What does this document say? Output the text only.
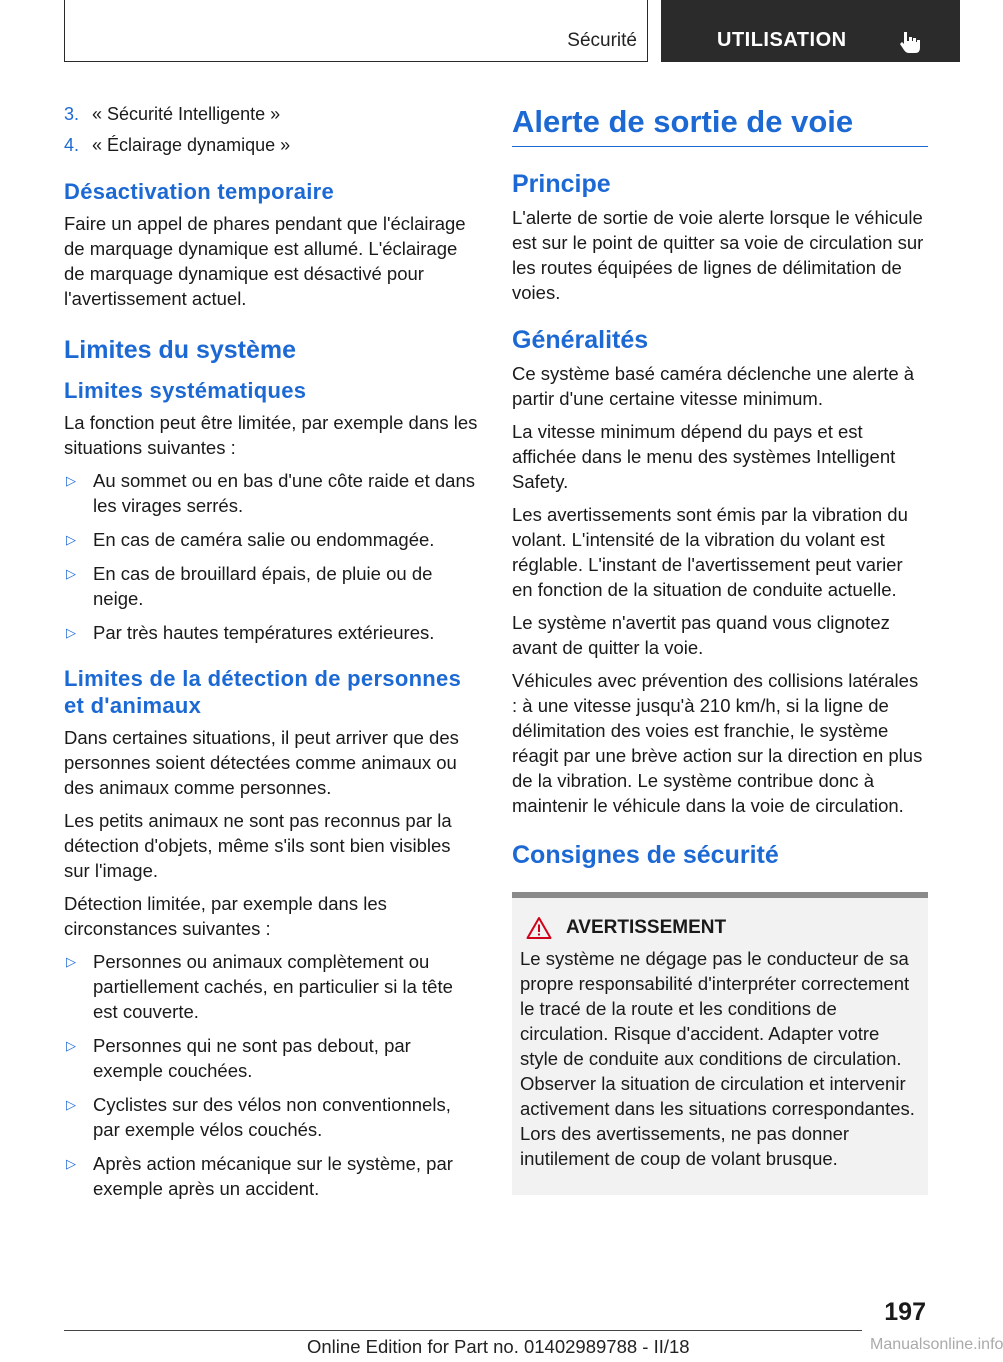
Sécurité	UTILISATION
3. « Sécurité Intelligente »
4. « Éclairage dynamique »
Désactivation temporaire

Faire un appel de phares pendant que l'éclairage de marquage dynamique est allumé. L'éclairage de marquage dynamique est désactivé pour l'avertissement actuel.

Limites du système
Limites systématiques

La fonction peut être limitée, par exemple dans les situations suivantes :

▷ Au sommet ou en bas d'une côte raide et dans les virages serrés.
▷ En cas de caméra salie ou endommagée.
▷ En cas de brouillard épais, de pluie ou de neige.
▷ Par très hautes températures extérieures.
Limites de la détection de personnes et d'animaux

Dans certaines situations, il peut arriver que des personnes soient détectées comme animaux ou des animaux comme personnes.

Les petits animaux ne sont pas reconnus par la détection d'objets, même s'ils sont bien visibles sur l'image.

Détection limitée, par exemple dans les circonstances suivantes :

▷ Personnes ou animaux complètement ou partiellement cachés, en particulier si la tête est couverte.
▷ Personnes qui ne sont pas debout, par exemple couchées.
▷ Cyclistes sur des vélos non conventionnels, par exemple vélos couchés.
▷ Après action mécanique sur le système, par exemple après un accident.
Alerte de sortie de voie
Principe

L'alerte de sortie de voie alerte lorsque le véhicule est sur le point de quitter sa voie de circulation sur les routes équipées de lignes de délimitation de voies.

Généralités

Ce système basé caméra déclenche une alerte à partir d'une certaine vitesse minimum.

La vitesse minimum dépend du pays et est affichée dans le menu des systèmes Intelligent Safety.

Les avertissements sont émis par la vibration du volant. L'intensité de la vibration du volant est réglable. L'instant de l'avertissement peut varier en fonction de la situation de conduite actuelle.

Le système n'avertit pas quand vous clignotez avant de quitter la voie.

Véhicules avec prévention des collisions latérales : à une vitesse jusqu'à 210 km/h, si la ligne de délimitation des voies est franchie, le système réagit par une brève action sur la direction en plus de la vibration. Le système contribue donc à maintenir le véhicule dans la voie de circulation.

Consignes de sécurité
AVERTISSEMENT

Le système ne dégage pas le conducteur de sa propre responsabilité d'interpréter correctement le tracé de la route et les conditions de circulation. Risque d'accident. Adapter votre style de conduite aux conditions de circulation. Observer la situation de circulation et intervenir activement dans les situations correspondantes. Lors des avertissements, ne pas donner inutilement de coup de volant brusque.

197
Online Edition for Part no. 01402989788 - II/18	Manualsonline.info
